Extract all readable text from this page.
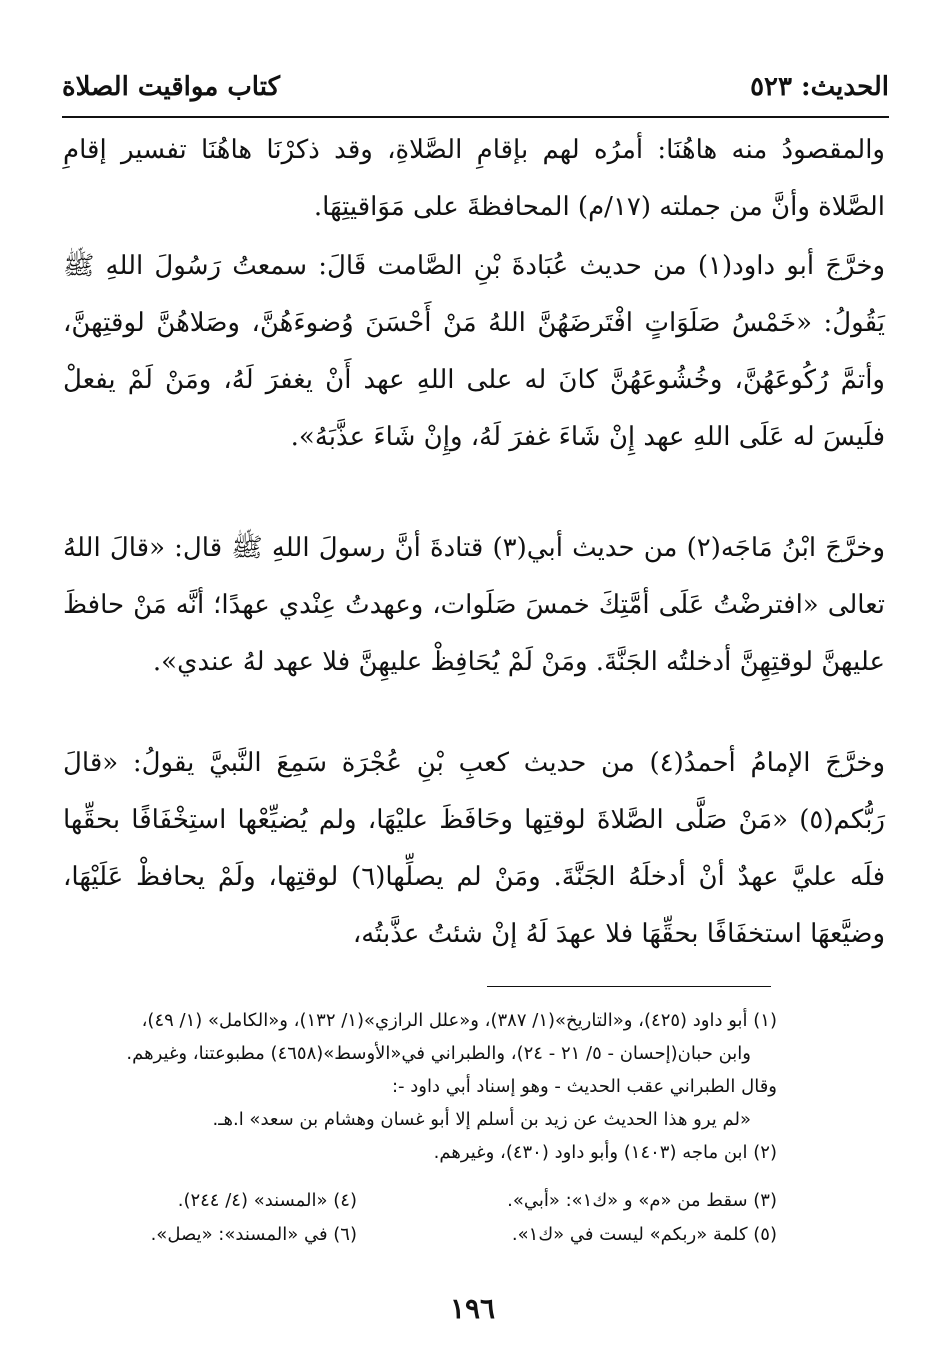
الحديث: ٥٢٣
كتاب مواقيت الصلاة
والمقصودُ منه هاهُنَا: أمرُه لهم بإقامِ الصَّلاةِ، وقد ذكرْنَا هاهُنَا تفسير إقامِ الصَّلاة وأنَّ من جملته (١٧/م) المحافظةَ على مَوَاقيتِهَا.
وخرَّجَ أبو داود(١) من حديث عُبَادةَ بْنِ الصَّامت قَالَ: سمعتُ رَسُولَ اللهِ ﷺ يَقُولُ: «خَمْسُ صَلَوَاتٍ افْتَرضَهُنَّ اللهُ مَنْ أَحْسَنَ وُضوءَهُنَّ، وصَلاهُنَّ لوقتِهنَّ، وأتمَّ رُكُوعَهُنَّ، وخُشُوعَهُنَّ كانَ له على اللهِ عهد أَنْ يغفرَ لَهُ، ومَنْ لَمْ يفعلْ فلَيسَ له عَلَى اللهِ عهد إِنْ شَاءَ غفرَ لَهُ، وإِنْ شَاءَ عذَّبَهُ».
وخرَّجَ ابْنُ مَاجَه(٢) من حديث أبي(٣) قتادةَ أنَّ رسولَ اللهِ ﷺ قال: «قالَ اللهُ تعالى «افترضْتُ عَلَى أمَّتِكَ خمسَ صَلَوات، وعهدتُ عِنْدي عهدًا؛ أنَّه مَنْ حافظَ عليهنَّ لوقتِهِنَّ أدخلتُه الجَنَّةَ. ومَنْ لَمْ يُحَافِظْ عليهِنَّ فلا عهد لهُ عندي».
وخرَّجَ الإمامُ أحمدُ(٤) من حديث كعبِ بْنِ عُجْرَة سَمِعَ النَّبيَّ يقولُ: «قالَ رَبُّكم(٥) «مَنْ صَلَّى الصَّلاةَ لوقتِها وحَافَظَ عليْهَا، ولم يُضيِّعْها استِخْفَافًا بحقِّها فلَه عليَّ عهدٌ أنْ أدخلَهُ الجَنَّةَ. ومَنْ لم يصلِّها(٦) لوقتِها، ولَمْ يحافظْ عَلَيْهَا، وضيَّعهَا استخفَافًا بحقِّهَا فلا عهدَ لَهُ إنْ شئتُ عذَّبتُه،
(١) أبو داود (٤٢٥)، و«التاريخ»(١/ ٣٨٧)، و«علل الرازي»(١/ ١٣٢)، و«الكامل» (١/ ٤٩)،
وابن حبان(إحسان - ٥/ ٢١ - ٢٤)، والطبراني في«الأوسط»(٤٦٥٨) مطبوعتنا، وغيرهم.
وقال الطبراني عقب الحديث - وهو إسناد أبي داود -:
«لم يرو هذا الحديث عن زيد بن أسلم إلا أبو غسان وهشام بن سعد» ا.هـ.
(٢) ابن ماجه (١٤٠٣) وأبو داود (٤٣٠)، وغيرهم.
(٣) سقط من «م» و «ك١»: «أبي».
(٤) «المسند» (٤/ ٢٤٤).
(٥) كلمة «ربكم» ليست في «ك١».
(٦) في «المسند»: «يصل».
١٩٦
